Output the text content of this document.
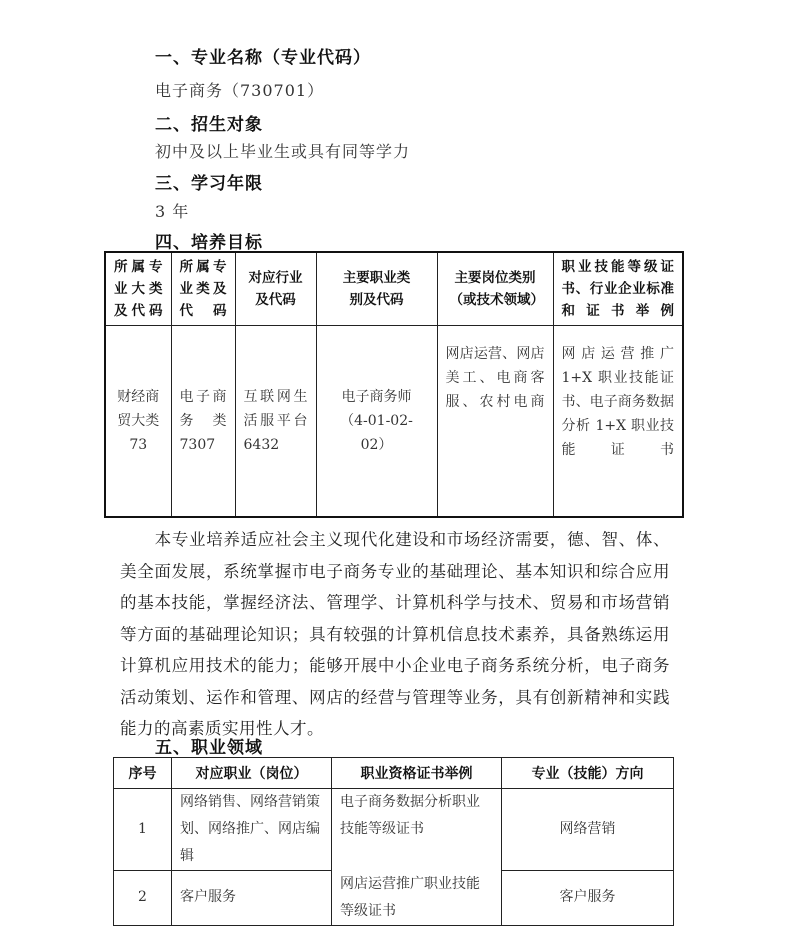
一、专业名称（专业代码）
电子商务（730701）
二、招生对象
初中及以上毕业生或具有同等学力
三、学习年限
3 年
四、培养目标
所属专业大类及代码	所属专业类及代码	对应行业及代码	主要职业类别及代码	主要岗位类别（或技术领域）	职业技能等级证书、行业企业标准和证书举例

财经商贸大类 73	电子商务类 7307	互联网生活服平台 6432	电子商务师（4-01-02-02）	网店运营、网店美工、电商客服、农村电商	网店运营推广 1+X 职业技能证书、电子商务数据分析 1+X 职业技能证书
本专业培养适应社会主义现代化建设和市场经济需要，德、智、体、美全面发展，系统掌握市电子商务专业的基础理论、基本知识和综合应用的基本技能，掌握经济法、管理学、计算机科学与技术、贸易和市场营销等方面的基础理论知识；具有较强的计算机信息技术素养，具备熟练运用计算机应用技术的能力；能够开展中小企业电子商务系统分析，电子商务活动策划、运作和管理、网店的经营与管理等业务，具有创新精神和实践能力的高素质实用性人才。
五、职业领域
序号	对应职业（岗位）	职业资格证书举例	专业（技能）方向
1	网络销售、网络营销策划、网络推广、网店编辑	电子商务数据分析职业技能等级证书	网络营销
2	客户服务	网店运营推广职业技能等级证书	客户服务
